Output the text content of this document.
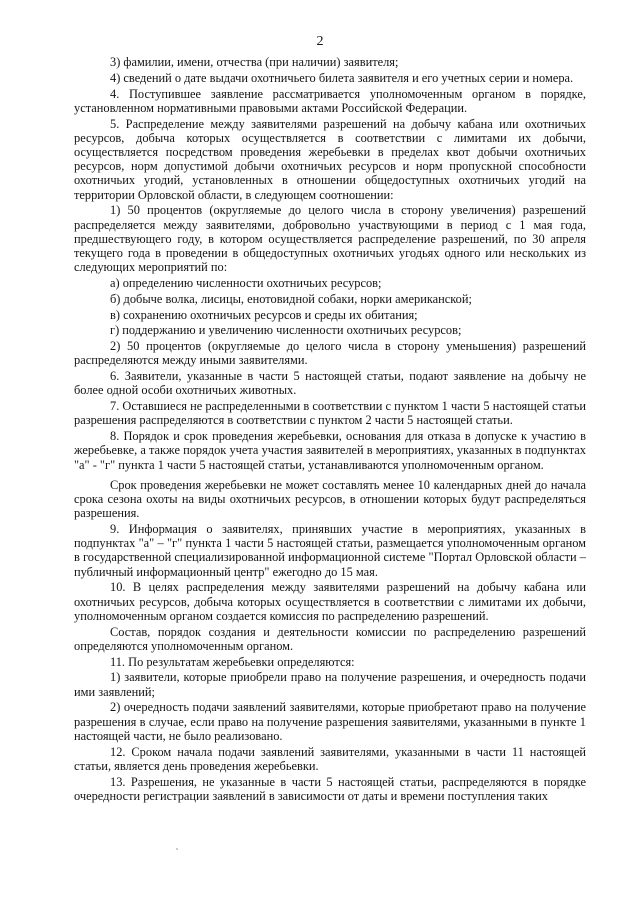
2

3) фамилии, имени, отчества (при наличии) заявителя;

4) сведений о дате выдачи охотничьего билета заявителя и его учетных серии и номера.

4. Поступившее заявление рассматривается уполномоченным органом в порядке, установленном нормативными правовыми актами Российской Федерации.

5. Распределение между заявителями разрешений на добычу кабана или охотничьих ресурсов, добыча которых осуществляется в соответствии с лимитами их добычи, осуществляется посредством проведения жеребьевки в пределах квот добычи охотничьих ресурсов, норм допустимой добычи охотничьих ресурсов и норм пропускной способности охотничьих угодий, установленных в отношении общедоступных охотничьих угодий на территории Орловской области, в следующем соотношении:

1) 50 процентов (округляемые до целого числа в сторону увеличения) разрешений распределяется между заявителями, добровольно участвующими в период с 1 мая года, предшествующего году, в котором осуществляется распределение разрешений, по 30 апреля текущего года в проведении в общедоступных охотничьих угодьях одного или нескольких из следующих мероприятий по:

а) определению численности охотничьих ресурсов;

б) добыче волка, лисицы, енотовидной собаки, норки американской;

в) сохранению охотничьих ресурсов и среды их обитания;

г) поддержанию и увеличению численности охотничьих ресурсов;

2) 50 процентов (округляемые до целого числа в сторону уменьшения) разрешений распределяются между иными заявителями.

6. Заявители, указанные в части 5 настоящей статьи, подают заявление на добычу не более одной особи охотничьих животных.

7. Оставшиеся не распределенными в соответствии с пунктом 1 части 5 настоящей статьи разрешения распределяются в соответствии с пунктом 2 части 5 настоящей статьи.

8. Порядок и срок проведения жеребьевки, основания для отказа в допуске к участию в жеребьевке, а также порядок учета участия заявителей в мероприятиях, указанных в подпунктах "а" - "г" пункта 1 части 5 настоящей статьи, устанавливаются уполномоченным органом.

Срок проведения жеребьевки не может составлять менее 10 календарных дней до начала срока сезона охоты на виды охотничьих ресурсов, в отношении которых будут распределяться разрешения.

9. Информация о заявителях, принявших участие в мероприятиях, указанных в подпунктах "а" – "г" пункта 1 части 5 настоящей статьи, размещается уполномоченным органом в государственной специализированной информационной системе "Портал Орловской области – публичный информационный центр" ежегодно до 15 мая.

10. В целях распределения между заявителями разрешений на добычу кабана или охотничьих ресурсов, добыча которых осуществляется в соответствии с лимитами их добычи, уполномоченным органом создается комиссия по распределению разрешений.

Состав, порядок создания и деятельности комиссии по распределению разрешений определяются уполномоченным органом.

11. По результатам жеребьевки определяются:

1) заявители, которые приобрели право на получение разрешения, и очередность подачи ими заявлений;

2) очередность подачи заявлений заявителями, которые приобретают право на получение разрешения в случае, если право на получение разрешения заявителями, указанными в пункте 1 настоящей части, не было реализовано.

12. Сроком начала подачи заявлений заявителями, указанными в части 11 настоящей статьи, является день проведения жеребьевки.

13. Разрешения, не указанные в части 5 настоящей статьи, распределяются в порядке очередности регистрации заявлений в зависимости от даты и времени поступления таких
